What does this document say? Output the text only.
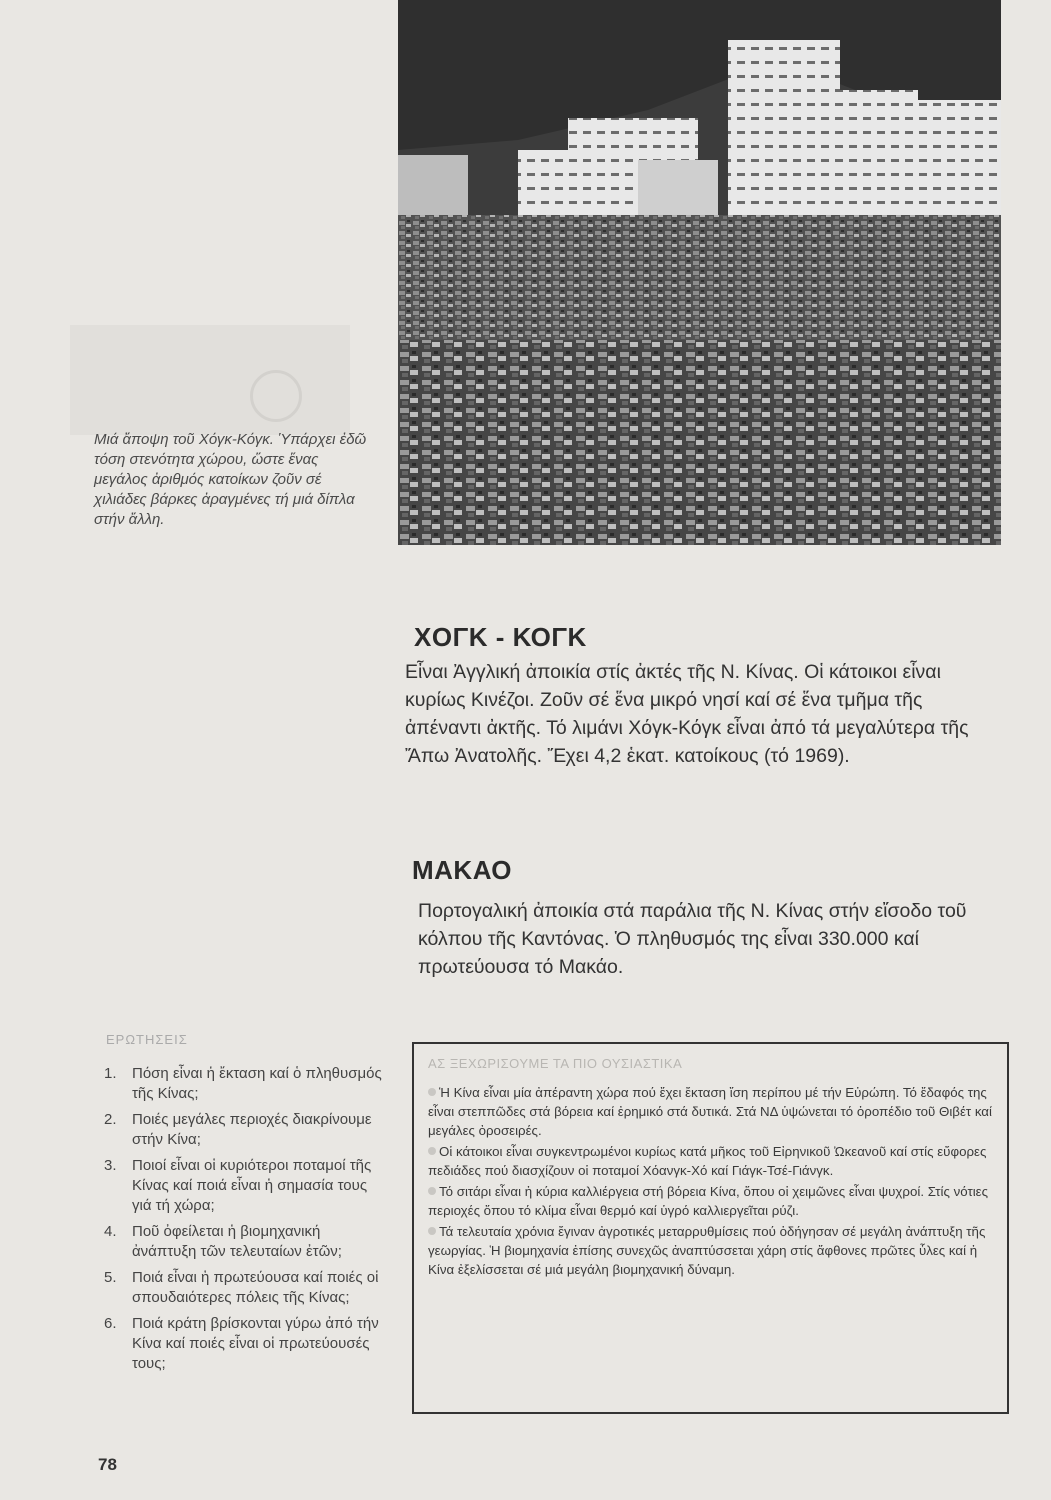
Μιά ἄποψη τοῦ Χόγκ-Κόγκ. Ὑπάρχει ἐδῶ τόση στενότητα χώρου, ὥστε ἕνας μεγάλος ἀριθμός κατοίκων ζοῦν σέ χιλιάδες βάρκες ἀραγμένες τή μιά δίπλα στήν ἄλλη.
ΧΟΓΚ - ΚΟΓΚ
Εἶναι Ἀγγλική ἀποικία στίς ἀκτές τῆς Ν. Κίνας. Οἱ κάτοικοι εἶναι κυρίως Κινέζοι. Ζοῦν σέ ἕνα μικρό νησί καί σέ ἕνα τμῆμα τῆς ἀπέναντι ἀκτῆς. Τό λιμάνι Χόγκ-Κόγκ εἶναι ἀπό τά μεγαλύτερα τῆς Ἄπω Ἀνατολῆς. Ἔχει 4,2 ἑκατ. κατοίκους (τό 1969).
ΜΑΚΑΟ
Πορτογαλική ἀποικία στά παράλια τῆς Ν. Κίνας στήν εἴσοδο τοῦ κόλπου τῆς Καντόνας. Ὁ πληθυσμός της εἶναι 330.000 καί πρωτεύουσα τό Μακάο.
ΕΡΩΤΗΣΕΙΣ
1.	Πόση εἶναι ἡ ἔκταση καί ὁ πληθυσμός τῆς Κίνας;
2.	Ποιές μεγάλες περιοχές διακρίνουμε στήν Κίνα;
3.	Ποιοί εἶναι οἱ κυριότεροι ποταμοί τῆς Κίνας καί ποιά εἶναι ἡ σημασία τους γιά τή χώρα;
4.	Ποῦ ὀφείλεται ἡ βιομηχανική ἀνάπτυξη τῶν τελευταίων ἐτῶν;
5.	Ποιά εἶναι ἡ πρωτεύουσα καί ποιές οἱ σπουδαιότερες πόλεις τῆς Κίνας;
6.	Ποιά κράτη βρίσκονται γύρω ἀπό τήν Κίνα καί ποιές εἶναι οἱ πρωτεύουσές τους;
ΑΣ ΞΕΧΩΡΙΣΟΥΜΕ ΤΑ ΠΙΟ ΟΥΣΙΑΣΤΙΚΑ
Ἡ Κίνα εἶναι μία ἀπέραντη χώρα πού ἔχει ἔκταση ἴση περίπου μέ τήν Εὐρώπη. Τό ἔδαφός της εἶναι στεππῶδες στά βόρεια καί ἐρημικό στά δυτικά. Στά ΝΔ ὑψώνεται τό ὀροπέδιο τοῦ Θιβέτ καί μεγάλες ὀροσειρές.
Οἱ κάτοικοι εἶναι συγκεντρωμένοι κυρίως κατά μῆκος τοῦ Εἰρηνικοῦ Ὠκεανοῦ καί στίς εὔφορες πεδιάδες πού διασχίζουν οἱ ποταμοί Χόανγκ-Χό καί Γιάγκ-Τσέ-Γιάνγκ.
Τό σιτάρι εἶναι ἡ κύρια καλλιέργεια στή βόρεια Κίνα, ὅπου οἱ χειμῶνες εἶναι ψυχροί. Στίς νότιες περιοχές ὅπου τό κλίμα εἶναι θερμό καί ὑγρό καλλιεργεῖται ρύζι.
Τά τελευταία χρόνια ἔγιναν ἀγροτικές μεταρρυθμίσεις πού ὁδήγησαν σέ μεγάλη ἀνάπτυξη τῆς γεωργίας. Ἡ βιομηχανία ἐπίσης συνεχῶς ἀναπτύσσεται χάρη στίς ἄφθονες πρῶτες ὗλες καί ἡ Κίνα ἐξελίσσεται σέ μιά μεγάλη βιομηχανική δύναμη.
78
